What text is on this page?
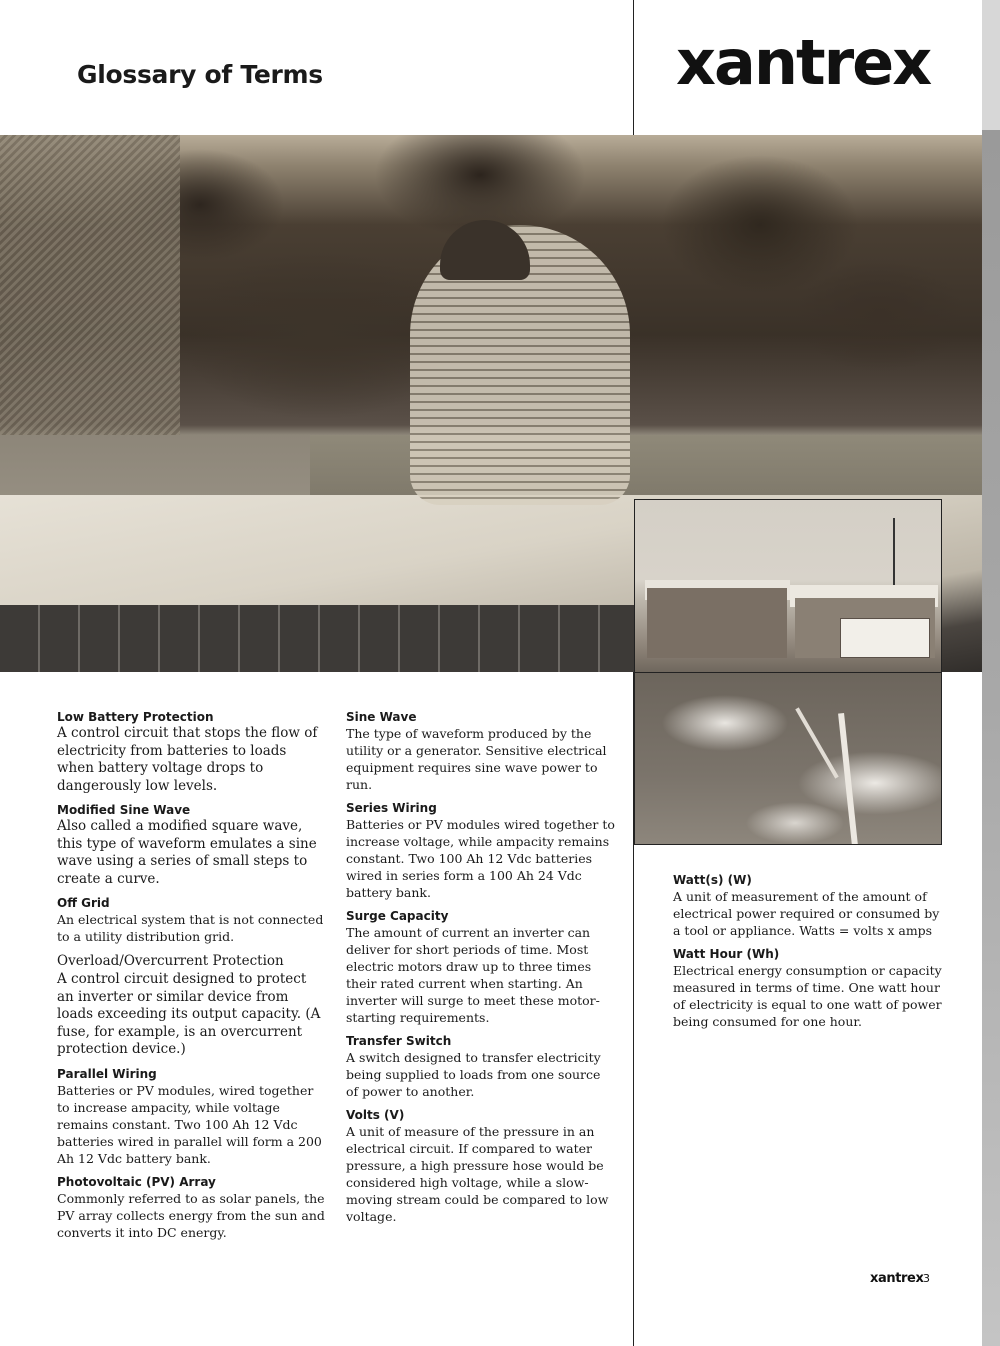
Glossary of Terms	xantrex
Low Battery Protection
A control circuit that stops the flow of electricity from batteries to loads when battery voltage drops to dangerously low levels.
Modified Sine Wave
Also called a modified square wave, this type of waveform emulates a sine wave using a series of small steps to create a curve.
Off Grid
An electrical system that is not connected to a utility distribution grid.
Overload/Overcurrent Protection
A control circuit designed to protect an inverter or similar device from loads exceeding its output capacity. (A fuse, for example, is an overcurrent protection device.)
Parallel Wiring
Batteries or PV modules, wired together to increase ampacity, while voltage remains constant. Two 100 Ah 12 Vdc batteries wired in parallel will form a 200 Ah 12 Vdc battery bank.
Photovoltaic (PV) Array
Commonly referred to as solar panels, the PV array collects energy from the sun and converts it into DC energy.
Sine Wave
The type of waveform produced by the utility or a generator. Sensitive electrical equipment requires sine wave power to run.
Series Wiring
Batteries or PV modules wired together to increase voltage, while ampacity remains constant. Two 100 Ah 12 Vdc batteries wired in series form a 100 Ah 24 Vdc battery bank.
Surge Capacity
The amount of current an inverter can deliver for short periods of time. Most electric motors draw up to three times their rated current when starting. An inverter will surge to meet these motor-starting requirements.
Transfer Switch
A switch designed to transfer electricity being supplied to loads from one source of power to another.
Volts (V)
A unit of measure of the pressure in an electrical circuit. If compared to water pressure, a high pressure hose would be considered high voltage, while a slow-moving stream could be compared to low voltage.
Watt(s) (W)
A unit of measurement of the amount of electrical power required or consumed by a tool or appliance. Watts = volts x amps
Watt Hour (Wh)
Electrical energy consumption or capacity measured in terms of time. One watt hour of electricity is equal to one watt of power being consumed for one hour.
xantrex 3
